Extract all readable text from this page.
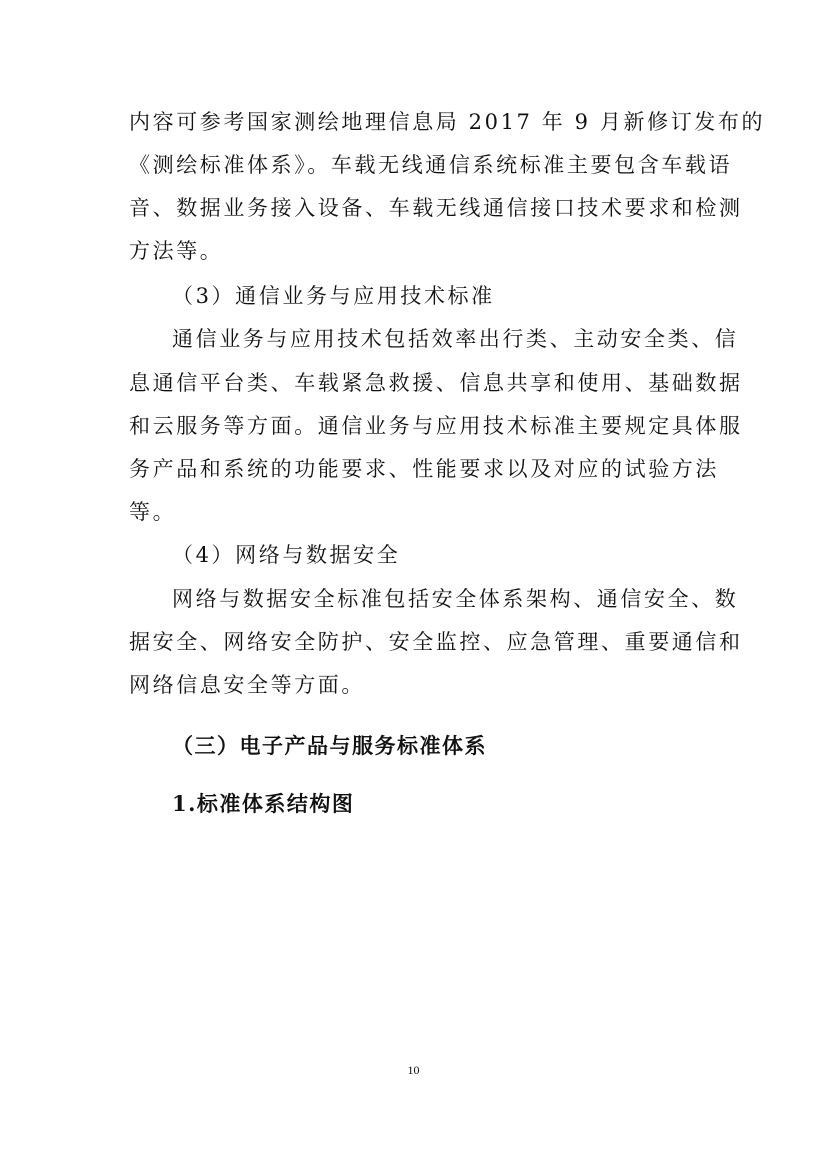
内容可参考国家测绘地理信息局 2017 年 9 月新修订发布的
《测绘标准体系》。车载无线通信系统标准主要包含车载语
音、数据业务接入设备、车载无线通信接口技术要求和检测
方法等。
（3）通信业务与应用技术标准
通信业务与应用技术包括效率出行类、主动安全类、信
息通信平台类、车载紧急救援、信息共享和使用、基础数据
和云服务等方面。通信业务与应用技术标准主要规定具体服
务产品和系统的功能要求、性能要求以及对应的试验方法
等。
（4）网络与数据安全
网络与数据安全标准包括安全体系架构、通信安全、数
据安全、网络安全防护、安全监控、应急管理、重要通信和
网络信息安全等方面。
（三）电子产品与服务标准体系
1.标准体系结构图
10
